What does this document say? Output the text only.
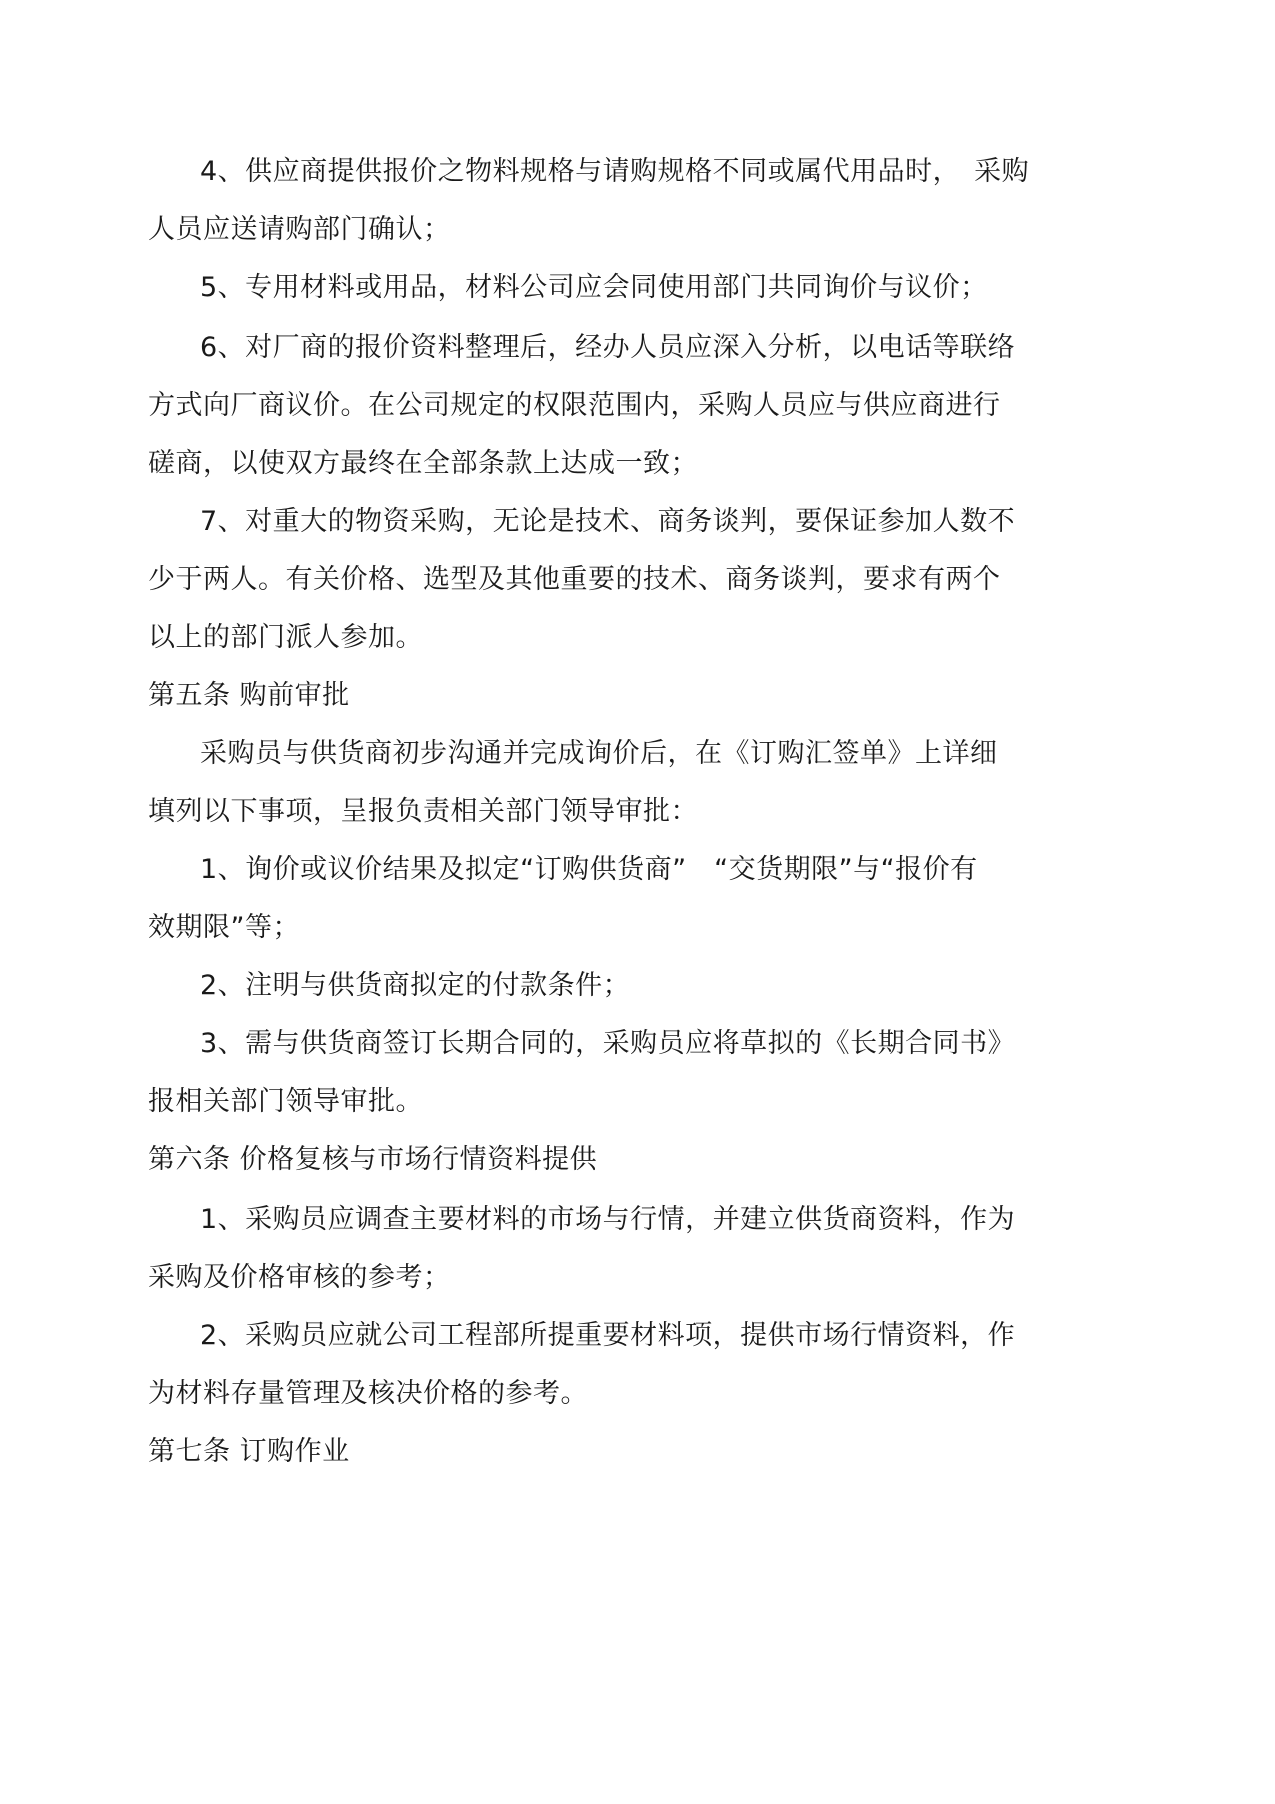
4、供应商提供报价之物料规格与请购规格不同或属代用品时，　采购
人员应送请购部门确认；
5、专用材料或用品，材料公司应会同使用部门共同询价与议价；
6、对厂商的报价资料整理后，经办人员应深入分析，以电话等联络
方式向厂商议价。在公司规定的权限范围内，采购人员应与供应商进行
磋商，以使双方最终在全部条款上达成一致；
7、对重大的物资采购，无论是技术、商务谈判，要保证参加人数不
少于两人。有关价格、选型及其他重要的技术、商务谈判，要求有两个
以上的部门派人参加。
第五条 购前审批
采购员与供货商初步沟通并完成询价后，在《订购汇签单》上详细
填列以下事项，呈报负责相关部门领导审批：
1、询价或议价结果及拟定“订购供货商”　“交货期限”与“报价有
效期限”等；
2、注明与供货商拟定的付款条件；
3、需与供货商签订长期合同的，采购员应将草拟的《长期合同书》
报相关部门领导审批。
第六条 价格复核与市场行情资料提供
1、采购员应调查主要材料的市场与行情，并建立供货商资料，作为
采购及价格审核的参考；
2、采购员应就公司工程部所提重要材料项，提供市场行情资料，作
为材料存量管理及核决价格的参考。
第七条 订购作业
